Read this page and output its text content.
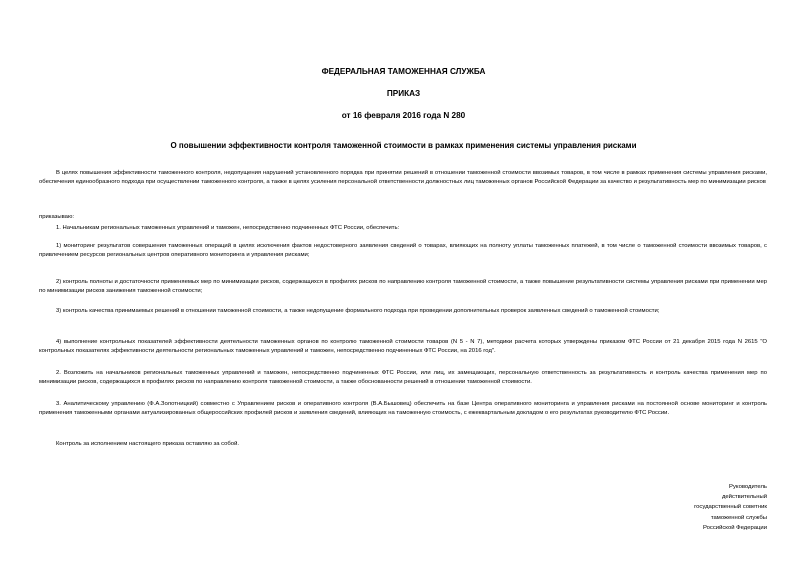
ФЕДЕРАЛЬНАЯ ТАМОЖЕННАЯ СЛУЖБА
ПРИКАЗ
от 16 февраля 2016 года N 280
О повышении эффективности контроля таможенной стоимости в рамках применения системы управления рисками

В целях повышения эффективности таможенного контроля, недопущения нарушений установленного порядка при принятии решений в отношении таможенной стоимости ввозимых товаров, в том числе в рамках применения системы управления рисками, обеспечения единообразного подхода при осуществлении таможенного контроля, а также в целях усиления персональной ответственности должностных лиц таможенных органов Российской Федерации за качество и результативность мер по минимизации рисков

приказываю:

1. Начальникам региональных таможенных управлений и таможен, непосредственно подчиненных ФТС России, обеспечить:

1) мониторинг результатов совершения таможенных операций в целях исключения фактов недостоверного заявления сведений о товарах, влияющих на полноту уплаты таможенных платежей, в том числе о таможенной стоимости ввозимых товаров, с привлечением ресурсов региональных центров оперативного мониторинга и управления рисками;

2) контроль полноты и достаточности применяемых мер по минимизации рисков, содержащихся в профилях рисков по направлению контроля таможенной стоимости, а также повышение результативности системы управления рисками при применении мер по минимизации рисков занижения таможенной стоимости;

3) контроль качества принимаемых решений в отношении таможенной стоимости, а также недопущение формального подхода при проведении дополнительных проверок заявленных сведений о таможенной стоимости;

4) выполнение контрольных показателей эффективности деятельности таможенных органов по контролю таможенной стоимости товаров (N 5 - N 7), методики расчета которых утверждены приказом ФТС России от 21 декабря 2015 года N 2615 "О контрольных показателях эффективности деятельности региональных таможенных управлений и таможен, непосредственно подчиненных ФТС России, на 2016 год".

2. Возложить на начальников региональных таможенных управлений и таможен, непосредственно подчиненных ФТС России, или лиц, их замещающих, персональную ответственность за результативность и контроль качества применения мер по минимизации рисков, содержащихся в профилях рисков по направлению контроля таможенной стоимости, а также обоснованности решений в отношении таможенной стоимости.

3. Аналитическому управлению (Ф.А.Золотницкий) совместно с Управлением рисков и оперативного контроля (В.А.Бышовец) обеспечить на базе Центра оперативного мониторинга и управления рисками на постоянной основе мониторинг и контроль применения таможенными органами актуализированных общероссийских профилей рисков и заявления сведений, влияющих на таможенную стоимость, с ежеквартальным докладом о его результатах руководителю ФТС России.

Контроль за исполнением настоящего приказа оставляю за собой.

Руководитель
действительный
государственный советник
таможенной службы
Российской Федерации
